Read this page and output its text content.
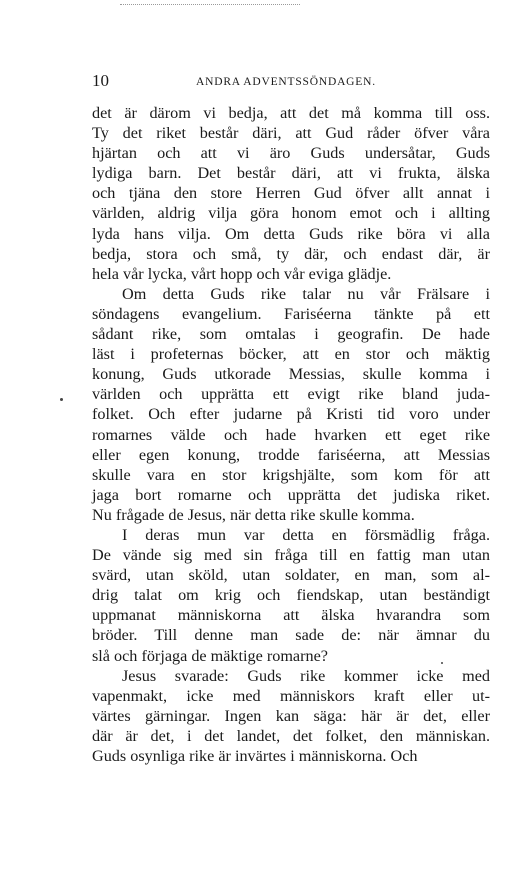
10	ANDRA ADVENTSSÖNDAGEN.
det är därom vi bedja, att det må komma till oss.
Ty det riket består däri, att Gud råder öfver våra
hjärtan och att vi äro Guds undersåtar, Guds
lydiga barn. Det består däri, att vi frukta, älska
och tjäna den store Herren Gud öfver allt annat i
världen, aldrig vilja göra honom emot och i allting
lyda hans vilja. Om detta Guds rike böra vi alla
bedja, stora och små, ty där, och endast där, är
hela vår lycka, vårt hopp och vår eviga glädje.
Om detta Guds rike talar nu vår Frälsare i
söndagens evangelium. Fariséerna tänkte på ett
sådant rike, som omtalas i geografin. De hade
läst i profeternas böcker, att en stor och mäktig
konung, Guds utkorade Messias, skulle komma i
världen och upprätta ett evigt rike bland juda-
folket. Och efter judarne på Kristi tid voro under
romarnes välde och hade hvarken ett eget rike
eller egen konung, trodde fariséerna, att Messias
skulle vara en stor krigshjälte, som kom för att
jaga bort romarne och upprätta det judiska riket.
Nu frågade de Jesus, när detta rike skulle komma.
I deras mun var detta en försmädlig fråga.
De vände sig med sin fråga till en fattig man utan
svärd, utan sköld, utan soldater, en man, som al-
drig talat om krig och fiendskap, utan beständigt
uppmanat människorna att älska hvarandra som
bröder. Till denne man sade de: när ämnar du
slå och förjaga de mäktige romarne?
Jesus svarade: Guds rike kommer icke med
vapenmakt, icke med människors kraft eller ut-
värtes gärningar. Ingen kan säga: här är det, eller
där är det, i det landet, det folket, den människan.
Guds osynliga rike är invärtes i människorna. Och
